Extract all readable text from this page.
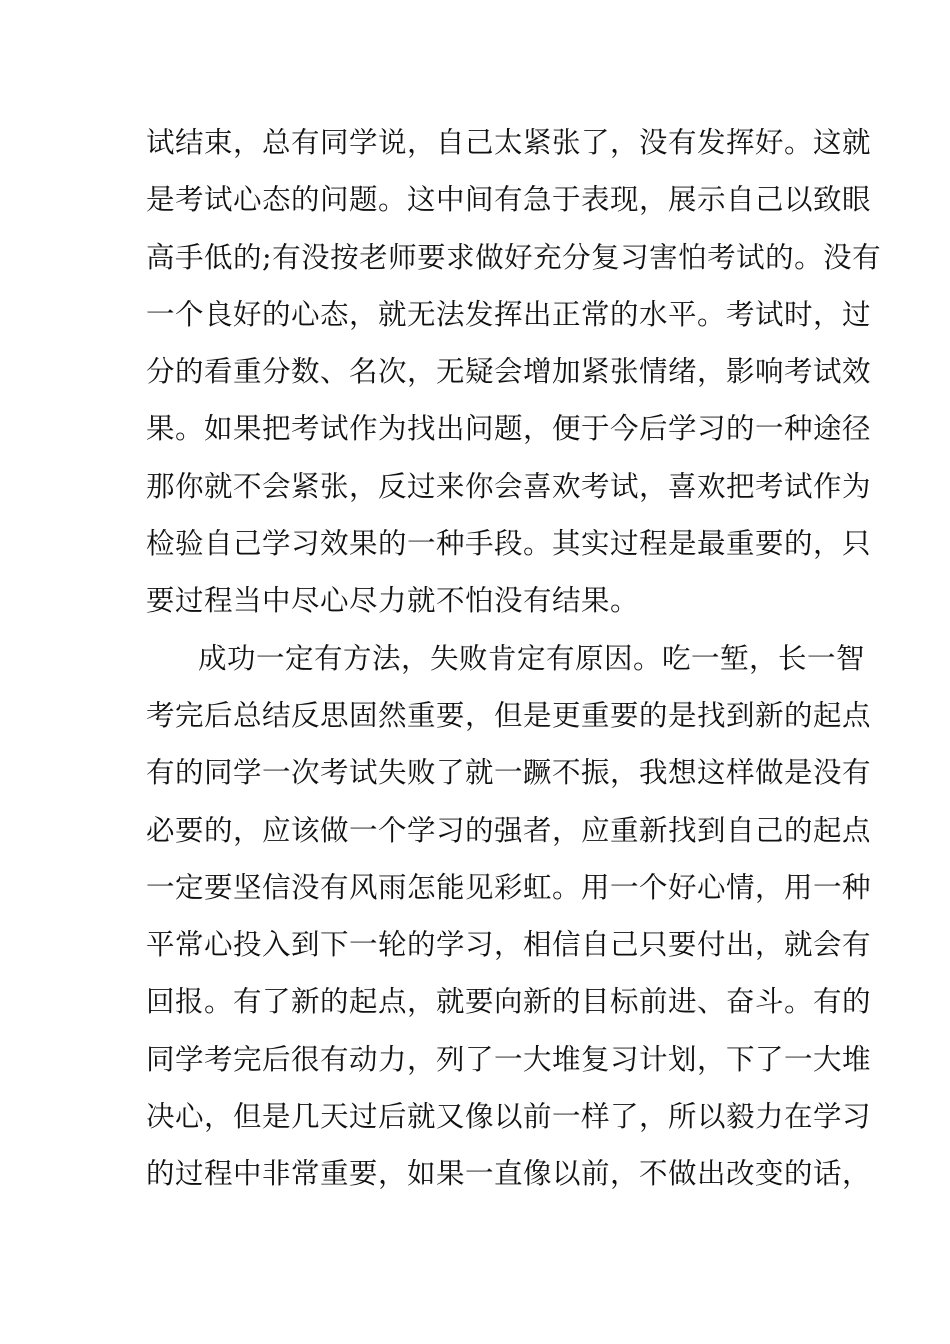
试结束，总有同学说，自己太紧张了，没有发挥好。这就
是考试心态的问题。这中间有急于表现，展示自己以致眼
高手低的;有没按老师要求做好充分复习害怕考试的。没有
一个良好的心态，就无法发挥出正常的水平。考试时，过
分的看重分数、名次，无疑会增加紧张情绪，影响考试效
果。如果把考试作为找出问题，便于今后学习的一种途径
那你就不会紧张，反过来你会喜欢考试，喜欢把考试作为
检验自己学习效果的一种手段。其实过程是最重要的，只
要过程当中尽心尽力就不怕没有结果。
成功一定有方法，失败肯定有原因。吃一堑，长一智
考完后总结反思固然重要，但是更重要的是找到新的起点
有的同学一次考试失败了就一蹶不振，我想这样做是没有
必要的，应该做一个学习的强者，应重新找到自己的起点
一定要坚信没有风雨怎能见彩虹。用一个好心情，用一种
平常心投入到下一轮的学习，相信自己只要付出，就会有
回报。有了新的起点，就要向新的目标前进、奋斗。有的
同学考完后很有动力，列了一大堆复习计划，下了一大堆
决心，但是几天过后就又像以前一样了，所以毅力在学习
的过程中非常重要，如果一直像以前，不做出改变的话，
